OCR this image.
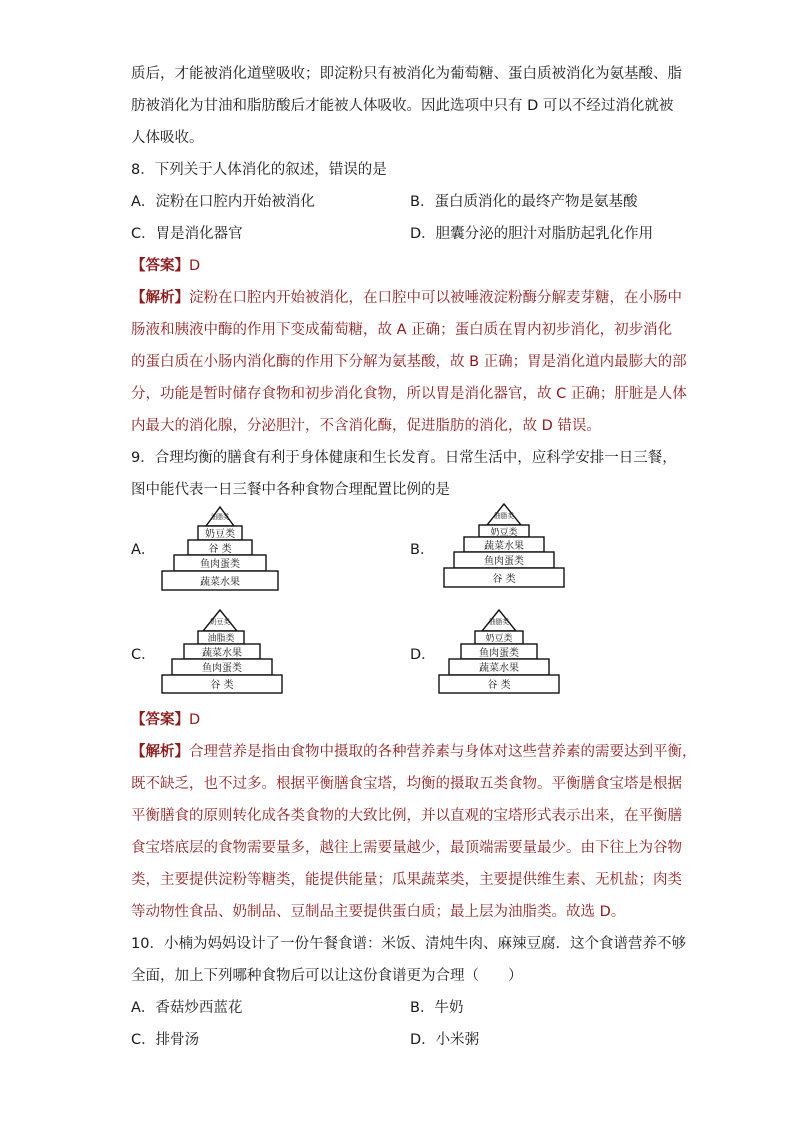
质后，才能被消化道壁吸收；即淀粉只有被消化为葡萄糖、蛋白质被消化为氨基酸、脂
肪被消化为甘油和脂肪酸后才能被人体吸收。因此选项中只有 D 可以不经过消化就被
人体吸收。
8．下列关于人体消化的叙述，错误的是
A．淀粉在口腔内开始被消化	B．蛋白质消化的最终产物是氨基酸
C．胃是消化器官	D．胆囊分泌的胆汁对脂肪起乳化作用
【答案】D
【解析】淀粉在口腔内开始被消化，在口腔中可以被唾液淀粉酶分解麦芽糖，在小肠中
肠液和胰液中酶的作用下变成葡萄糖，故 A 正确；蛋白质在胃内初步消化，初步消化
的蛋白质在小肠内消化酶的作用下分解为氨基酸，故 B 正确；胃是消化道内最膨大的部
分，功能是暂时储存食物和初步消化食物，所以胃是消化器官，故 C 正确；肝脏是人体
内最大的消化腺，分泌胆汁，不含消化酶，促进脂肪的消化，故 D 错误。
9．合理均衡的膳食有利于身体健康和生长发育。日常生活中，应科学安排一日三餐，
图中能代表一日三餐中各种食物合理配置比例的是
A．	B．
C．	D．
油脂类
奶豆类
谷 类
鱼肉蛋类
蔬菜水果
油脂类
奶豆类
蔬菜水果
鱼肉蛋类
谷 类
奶豆类
油脂类
蔬菜水果
鱼肉蛋类
谷 类
油脂类
奶豆类
鱼肉蛋类
蔬菜水果
谷 类
【答案】D
【解析】合理营养是指由食物中摄取的各种营养素与身体对这些营养素的需要达到平衡，
既不缺乏，也不过多。根据平衡膳食宝塔，均衡的摄取五类食物。平衡膳食宝塔是根据
平衡膳食的原则转化成各类食物的大致比例，并以直观的宝塔形式表示出来，在平衡膳
食宝塔底层的食物需要量多，越往上需要量越少，最顶端需要量最少。由下往上为谷物
类，主要提供淀粉等糖类，能提供能量；瓜果蔬菜类，主要提供维生素、无机盐；肉类
等动物性食品、奶制品、豆制品主要提供蛋白质；最上层为油脂类。故选 D。
10．小楠为妈妈设计了一份午餐食谱：米饭、清炖牛肉、麻辣豆腐．这个食谱营养不够
全面，加上下列哪种食物后可以让这份食谱更为合理（　　）
A．香菇炒西蓝花	B．牛奶
C．排骨汤	D．小米粥
